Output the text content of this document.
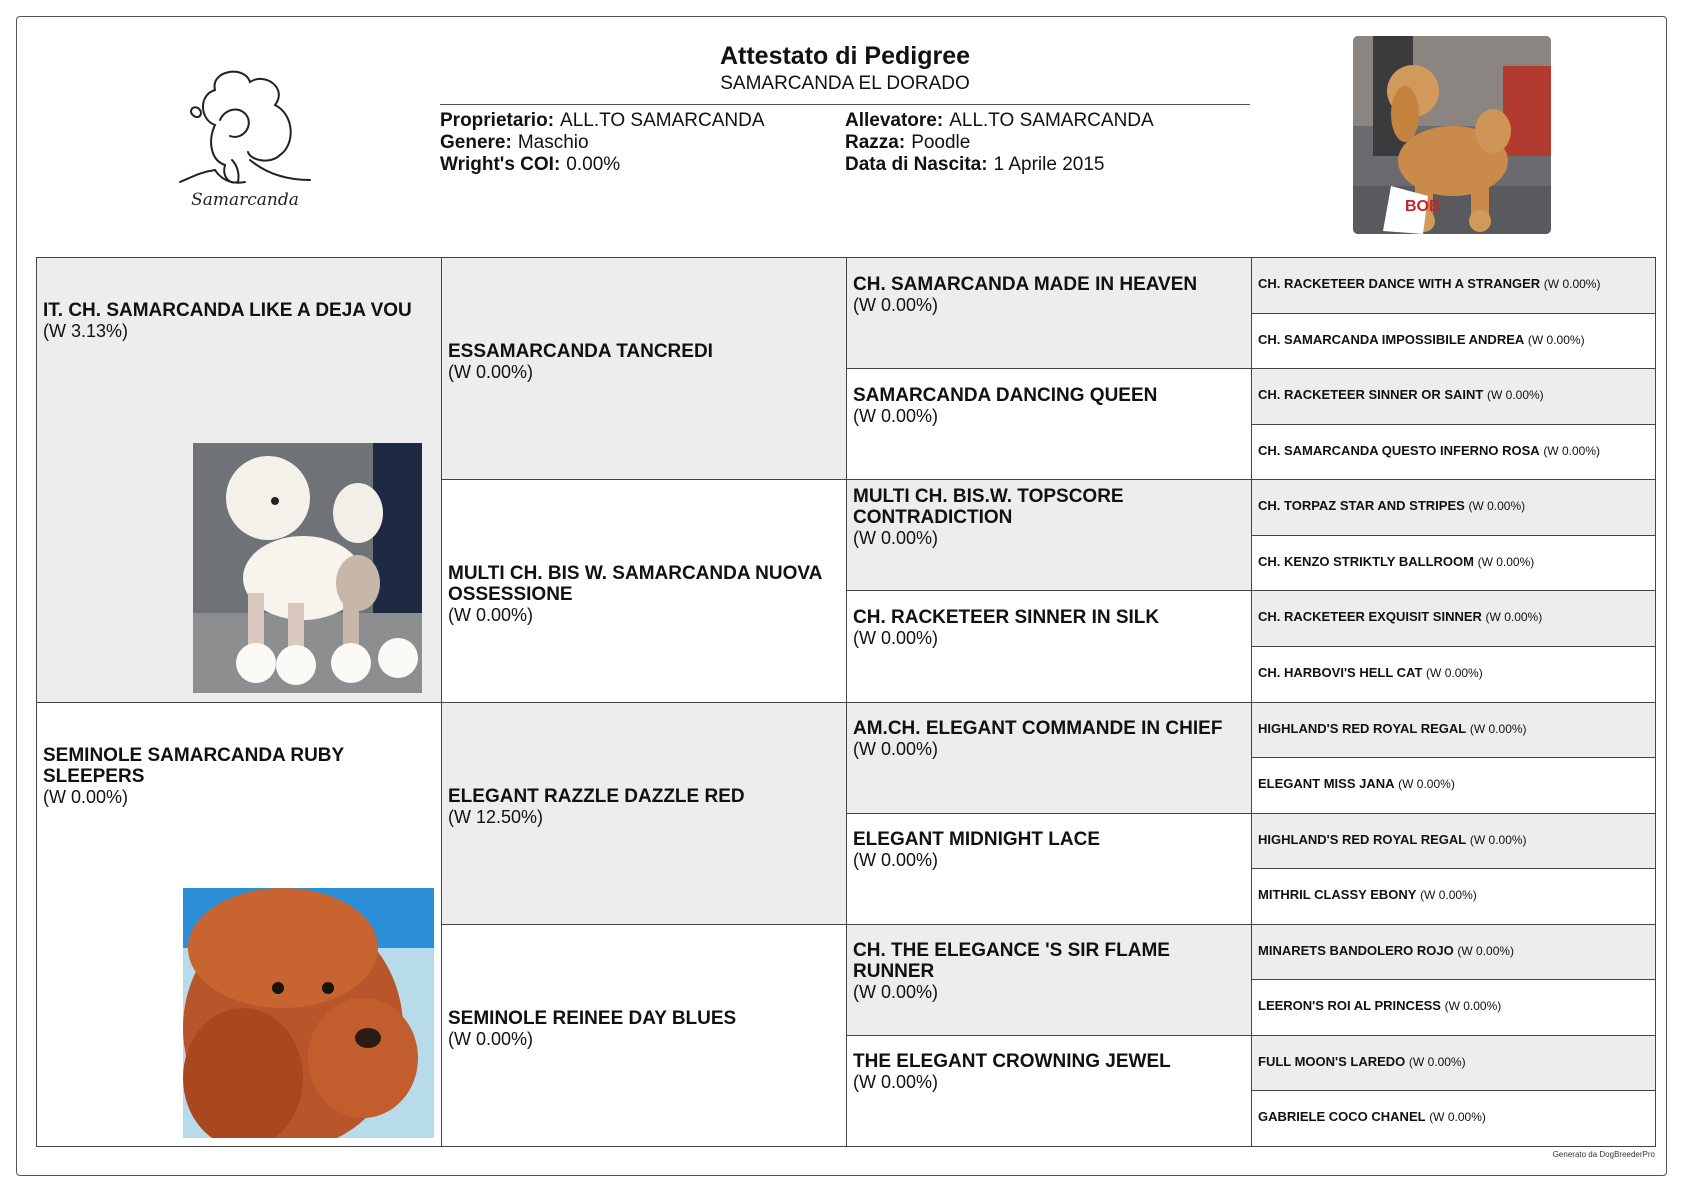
Samarcanda
Attestato di Pedigree
SAMARCANDA EL DORADO
Proprietario: ALL.TO SAMARCANDA
Genere: Maschio
Wright's COI: 0.00%
Allevatore: ALL.TO SAMARCANDA
Razza: Poodle
Data di Nascita: 1 Aprile 2015
BOB
IT. CH. SAMARCANDA LIKE A DEJA VOU
(W 3.13%)
SEMINOLE SAMARCANDA RUBY SLEEPERS
(W 0.00%)
ESSAMARCANDA TANCREDI
(W 0.00%)
MULTI CH. BIS W. SAMARCANDA NUOVA OSSESSIONE
(W 0.00%)
ELEGANT RAZZLE DAZZLE RED
(W 12.50%)
SEMINOLE REINEE DAY BLUES
(W 0.00%)
CH. SAMARCANDA MADE IN HEAVEN
(W 0.00%)
SAMARCANDA DANCING QUEEN
(W 0.00%)
MULTI CH. BIS.W. TOPSCORE CONTRADICTION
(W 0.00%)
CH. RACKETEER SINNER IN SILK
(W 0.00%)
AM.CH. ELEGANT COMMANDE IN CHIEF
(W 0.00%)
ELEGANT MIDNIGHT LACE
(W 0.00%)
CH. THE ELEGANCE 'S SIR FLAME RUNNER
(W 0.00%)
THE ELEGANT CROWNING JEWEL
(W 0.00%)
CH. RACKETEER DANCE WITH A STRANGER (W 0.00%)
CH. SAMARCANDA IMPOSSIBILE ANDREA (W 0.00%)
CH. RACKETEER SINNER OR SAINT (W 0.00%)
CH. SAMARCANDA QUESTO INFERNO ROSA (W 0.00%)
CH. TORPAZ STAR AND STRIPES (W 0.00%)
CH. KENZO STRIKTLY BALLROOM (W 0.00%)
CH. RACKETEER EXQUISIT SINNER (W 0.00%)
CH. HARBOVI'S HELL CAT (W 0.00%)
HIGHLAND'S RED ROYAL REGAL (W 0.00%)
ELEGANT MISS JANA (W 0.00%)
HIGHLAND'S RED ROYAL REGAL (W 0.00%)
MITHRIL CLASSY EBONY (W 0.00%)
MINARETS BANDOLERO ROJO (W 0.00%)
LEERON'S ROI AL PRINCESS (W 0.00%)
FULL MOON'S LAREDO (W 0.00%)
GABRIELE COCO CHANEL (W 0.00%)
Generato da DogBreederPro
